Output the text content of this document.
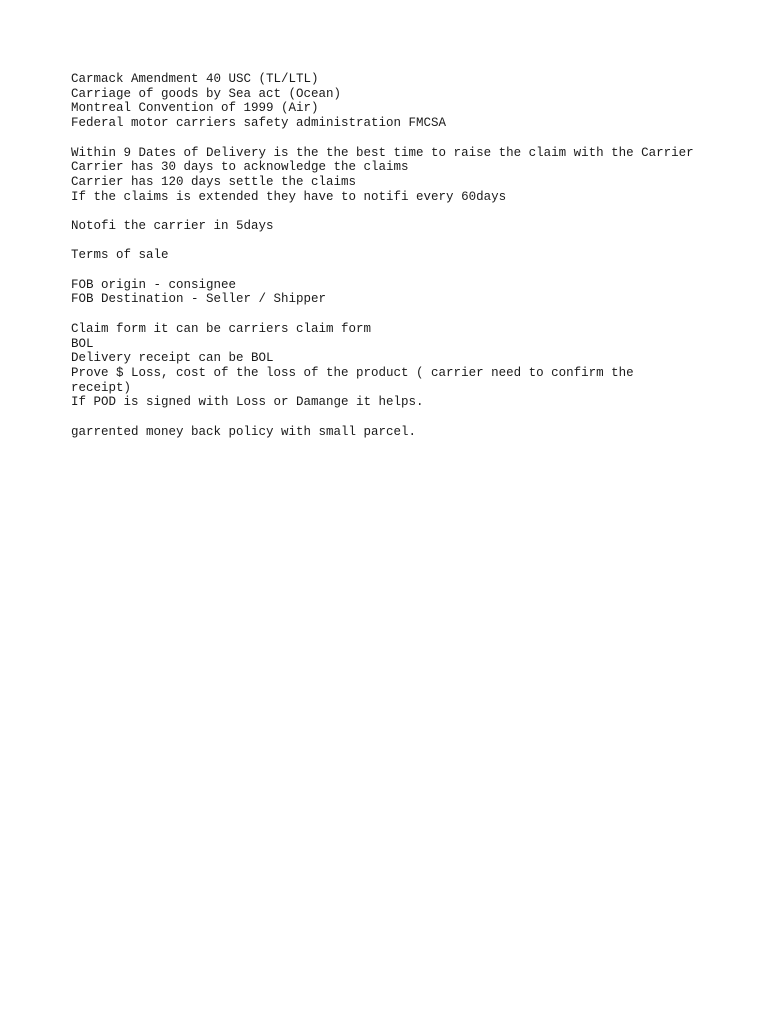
Carmack Amendment 40 USC (TL/LTL)
Carriage of goods by Sea act (Ocean)
Montreal Convention of 1999 (Air)
Federal motor carriers safety administration FMCSA
Within 9 Dates of Delivery is the the best time to raise the claim with the Carrier
Carrier has 30 days to acknowledge the claims
Carrier has 120 days settle the claims
If the claims is extended they have to notifi every 60days
Notofi the carrier in 5days
Terms of sale
FOB origin - consignee
FOB Destination - Seller / Shipper
Claim form it can be carriers claim form
BOL
Delivery receipt can be BOL
Prove $ Loss, cost of the loss of the product ( carrier need to confirm the
receipt)
If POD is signed with Loss or Damange it helps.
garrented money back policy with small parcel.
